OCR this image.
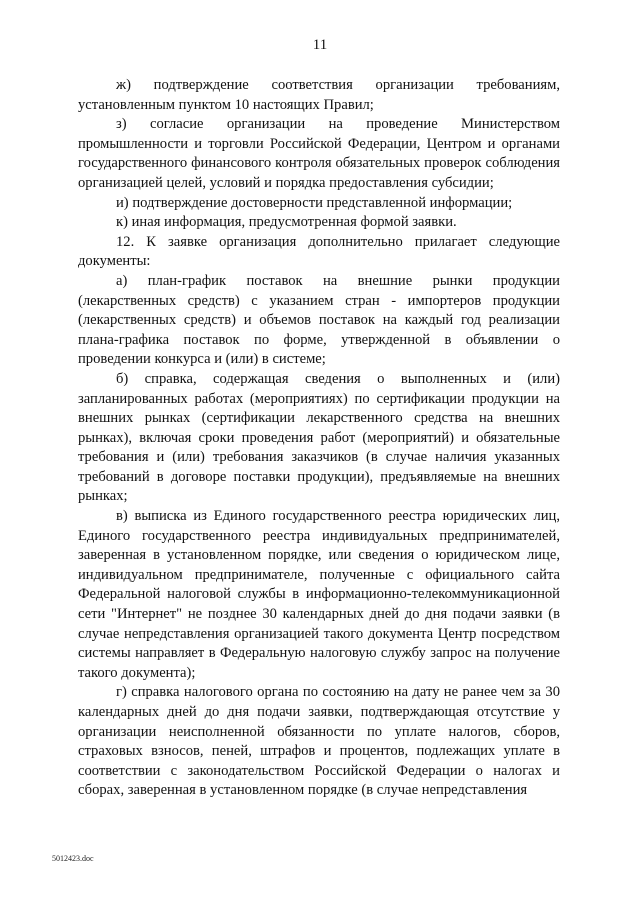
11

ж) подтверждение соответствия организации требованиям, установленным пунктом 10 настоящих Правил;

з) согласие организации на проведение Министерством промышленности и торговли Российской Федерации, Центром и органами государственного финансового контроля обязательных проверок соблюдения организацией целей, условий и порядка предоставления субсидии;

и) подтверждение достоверности представленной информации;

к) иная информация, предусмотренная формой заявки.

12. К заявке организация дополнительно прилагает следующие документы:

а) план-график поставок на внешние рынки продукции (лекарственных средств) с указанием стран - импортеров продукции (лекарственных средств) и объемов поставок на каждый год реализации плана-графика поставок по форме, утвержденной в объявлении о проведении конкурса и (или) в системе;

б) справка, содержащая сведения о выполненных и (или) запланированных работах (мероприятиях) по сертификации продукции на внешних рынках (сертификации лекарственного средства на внешних рынках), включая сроки проведения работ (мероприятий) и обязательные требования и (или) требования заказчиков (в случае наличия указанных требований в договоре поставки продукции), предъявляемые на внешних рынках;

в) выписка из Единого государственного реестра юридических лиц, Единого государственного реестра индивидуальных предпринимателей, заверенная в установленном порядке, или сведения о юридическом лице, индивидуальном предпринимателе, полученные с официального сайта Федеральной налоговой службы в информационно-телекоммуникационной сети "Интернет" не позднее 30 календарных дней до дня подачи заявки (в случае непредставления организацией такого документа Центр посредством системы направляет в Федеральную налоговую службу запрос на получение такого документа);

г) справка налогового органа по состоянию на дату не ранее чем за 30 календарных дней до дня подачи заявки, подтверждающая отсутствие у организации неисполненной обязанности по уплате налогов, сборов, страховых взносов, пеней, штрафов и процентов, подлежащих уплате в соответствии с законодательством Российской Федерации о налогах и сборах, заверенная в установленном порядке (в случае непредставления

5012423.doc
